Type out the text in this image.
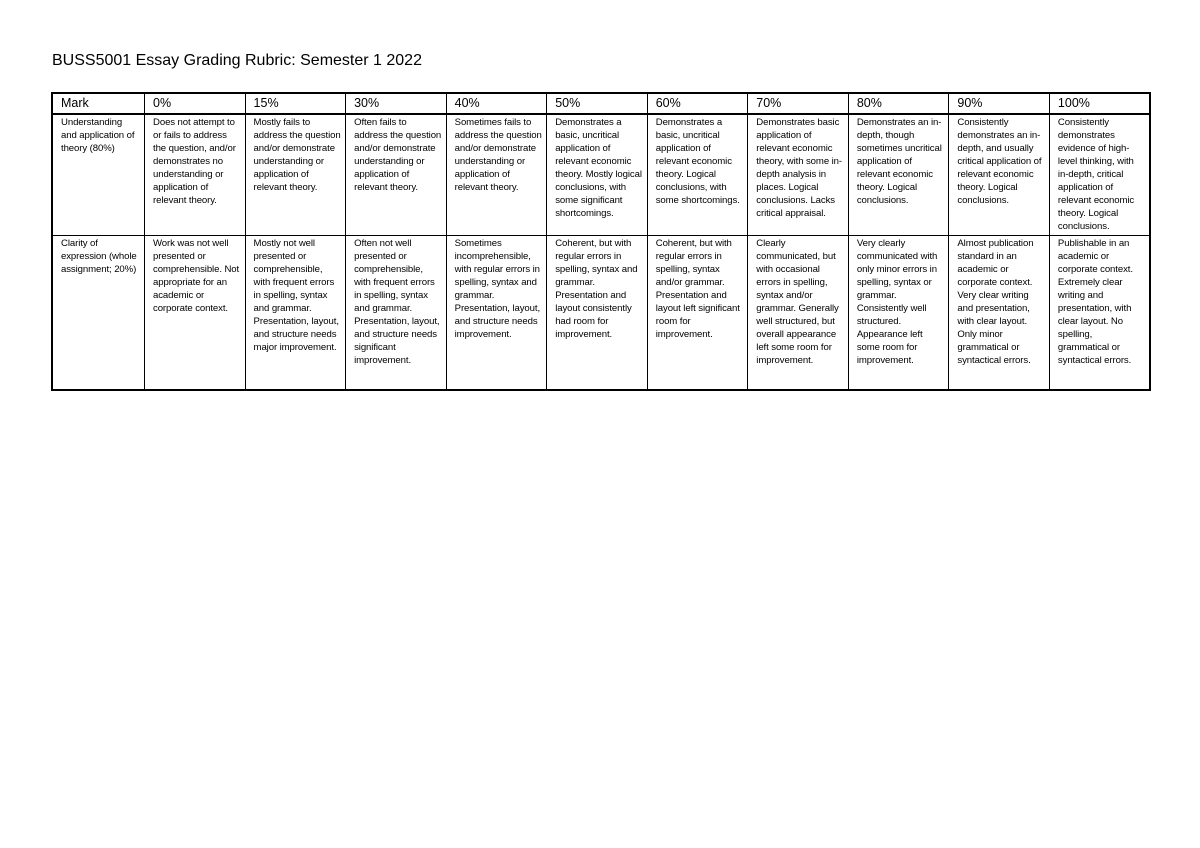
BUSS5001 Essay Grading Rubric: Semester 1 2022
Mark	0%	15%	30%	40%	50%	60%	70%	80%	90%	100%
Understanding and application of theory (80%)	Does not attempt to or fails to address the question, and/or demonstrates no understanding or application of relevant theory.	Mostly fails to address the question and/or demonstrate understanding or application of relevant theory.	Often fails to address the question and/or demonstrate understanding or application of relevant theory.	Sometimes fails to address the question and/or demonstrate understanding or application of relevant theory.	Demonstrates a basic, uncritical application of relevant economic theory. Mostly logical conclusions, with some significant shortcomings.	Demonstrates a basic, uncritical application of relevant economic theory. Logical conclusions, with some shortcomings.	Demonstrates basic application of relevant economic theory, with some in-depth analysis in places. Logical conclusions. Lacks critical appraisal.	Demonstrates an in-depth, though sometimes uncritical application of relevant economic theory. Logical conclusions.	Consistently demonstrates an in- depth, and usually critical application of relevant economic theory. Logical conclusions.	Consistently demonstrates evidence of high-level thinking, with in-depth, critical application of relevant economic theory. Logical conclusions.
Clarity of expression (whole assignment; 20%)	Work was not well presented or comprehensible. Not appropriate for an academic or corporate context.	Mostly not well presented or comprehensible, with frequent errors in spelling, syntax and grammar. Presentation, layout, and structure needs major improvement.	Often not well presented or comprehensible, with frequent errors in spelling, syntax and grammar. Presentation, layout, and structure needs significant improvement.	Sometimes incomprehensible, with regular errors in spelling, syntax and grammar. Presentation, layout, and structure needs improvement.	Coherent, but with regular errors in spelling, syntax and grammar. Presentation and layout consistently had room for improvement.	Coherent, but with regular errors in spelling, syntax and/or grammar. Presentation and layout left significant room for improvement.	Clearly communicated, but with occasional errors in spelling, syntax and/or grammar. Generally well structured, but overall appearance left some room for improvement.	Very clearly communicated with only minor errors in spelling, syntax or grammar. Consistently well structured. Appearance left some room for improvement.	Almost publication standard in an academic or corporate context. Very clear writing and presentation, with clear layout. Only minor grammatical or syntactical errors.	Publishable in an academic or corporate context. Extremely clear writing and presentation, with clear layout. No spelling, grammatical or syntactical errors.
